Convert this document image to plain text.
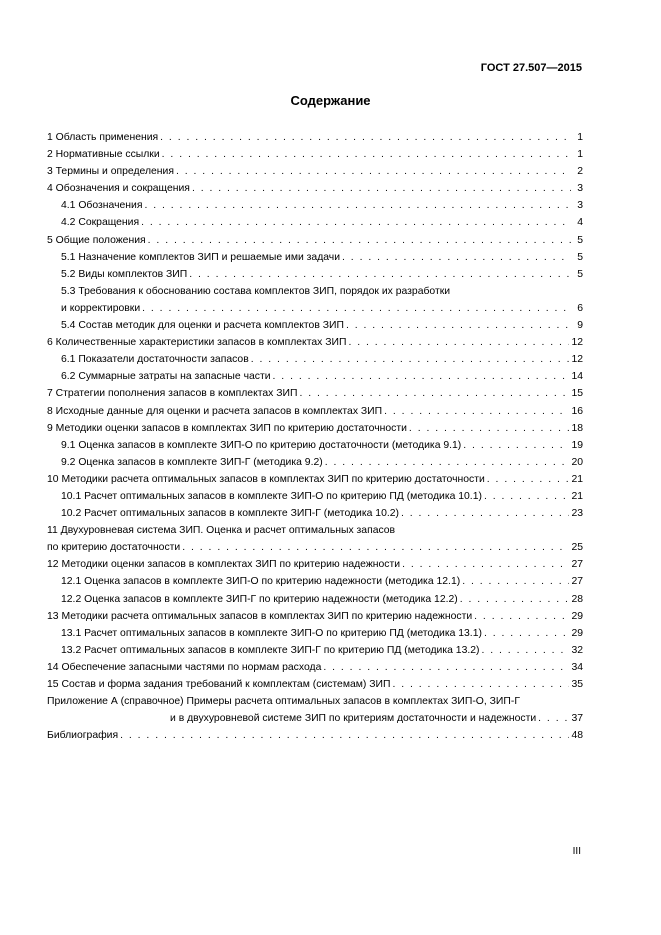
ГОСТ 27.507—2015
Содержание
1 Область применения . . .	1
2 Нормативные ссылки . . .	1
3 Термины и определения . . .	2
4 Обозначения и сокращения . . .	3
4.1 Обозначения . . .	3
4.2 Сокращения . . .	4
5 Общие положения . . .	5
5.1 Назначение комплектов ЗИП и решаемые ими задачи . . .	5
5.2 Виды комплектов ЗИП . . .	5
5.3 Требования к обоснованию состава комплектов ЗИП, порядок их разработки
и корректировки . . .	6
5.4 Состав методик для оценки и расчета комплектов ЗИП . . .	9
6 Количественные характеристики запасов в комплектах ЗИП . . .	12
6.1 Показатели достаточности запасов . . .	12
6.2 Суммарные затраты на запасные части . . .	14
7 Стратегии пополнения запасов в комплектах ЗИП . . .	15
8 Исходные данные для оценки и расчета запасов в комплектах ЗИП . . .	16
9 Методики оценки запасов в комплектах ЗИП по критерию достаточности . . .	18
9.1 Оценка запасов в комплекте ЗИП-О по критерию достаточности (методика 9.1) . . .	19
9.2 Оценка запасов в комплекте ЗИП-Г (методика 9.2) . . .	20
10 Методики расчета оптимальных запасов в комплектах ЗИП по критерию достаточности . . .	21
10.1 Расчет оптимальных запасов в комплекте ЗИП-О по критерию ПД (методика 10.1) . . .	21
10.2 Расчет оптимальных запасов в комплекте ЗИП-Г (методика 10.2) . . .	23
11 Двухуровневая система ЗИП. Оценка и расчет оптимальных запасов
по критерию достаточности . . .	25
12 Методики оценки запасов в комплектах ЗИП по критерию надежности . . .	27
12.1 Оценка запасов в комплекте ЗИП-О по критерию надежности (методика 12.1) . . .	27
12.2 Оценка запасов в комплекте ЗИП-Г по критерию надежности (методика 12.2) . . .	28
13 Методики расчета оптимальных запасов в комплектах ЗИП по критерию надежности . . .	29
13.1 Расчет оптимальных запасов в комплекте ЗИП-О по критерию ПД (методика 13.1) . . .	29
13.2 Расчет оптимальных запасов в комплекте ЗИП-Г по критерию ПД (методика 13.2) . . .	32
14 Обеспечение запасными частями по нормам расхода . . .	34
15 Состав и форма задания требований к комплектам (системам) ЗИП . . .	35
Приложение А (справочное) Примеры расчета оптимальных запасов в комплектах ЗИП-О, ЗИП-Г
и в двухуровневой системе ЗИП по критериям достаточности и надежности . . .	37
Библиография . . .	48
III
